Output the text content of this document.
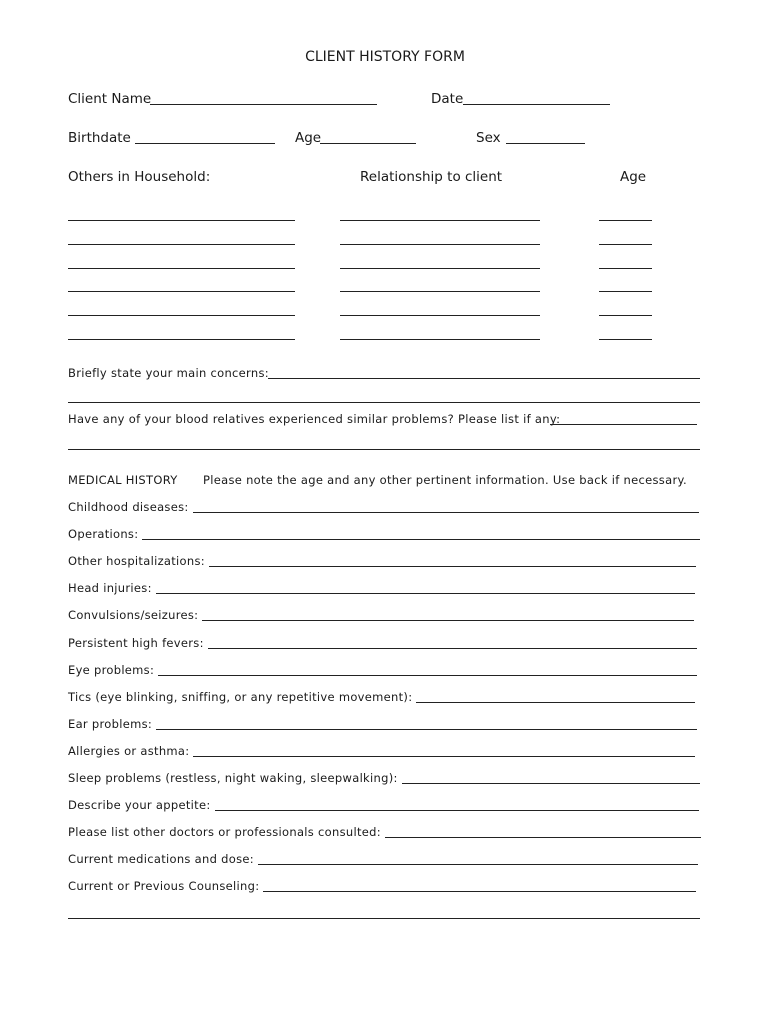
CLIENT HISTORY FORM
Client Name	Date
Birthdate	Age	Sex
Others in Household:	Relationship to client	Age
Briefly state your main concerns:
Have any of your blood relatives experienced similar problems? Please list if any:
MEDICAL HISTORY Please note the age and any other pertinent information. Use back if necessary.
Childhood diseases:
Operations:
Other hospitalizations:
Head injuries:
Convulsions/seizures:
Persistent high fevers:
Eye problems:
Tics (eye blinking, sniffing, or any repetitive movement):
Ear problems:
Allergies or asthma:
Sleep problems (restless, night waking, sleepwalking):
Describe your appetite:
Please list other doctors or professionals consulted:
Current medications and dose:
Current or Previous Counseling:
